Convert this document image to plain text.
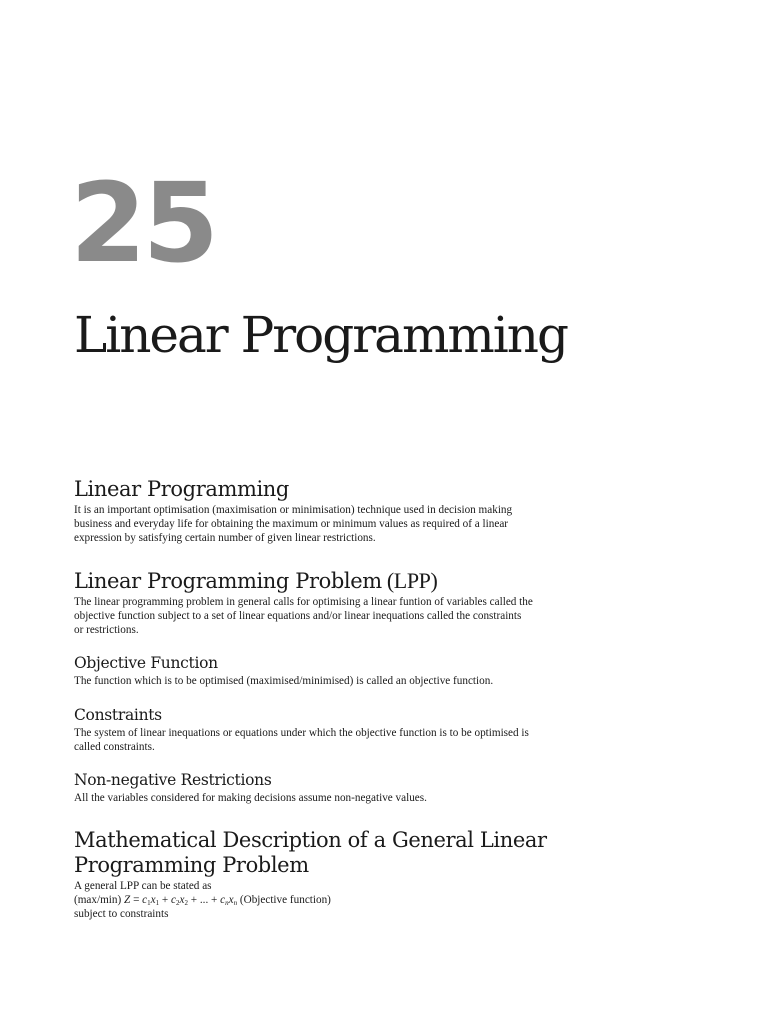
25
Linear Programming
Linear Programming

It is an important optimisation (maximisation or minimisation) technique used in decision making
business and everyday life for obtaining the maximum or minimum values as required of a linear
expression by satisfying certain number of given linear restrictions.

Linear Programming Problem (LPP)

The linear programming problem in general calls for optimising a linear funtion of variables called the
objective function subject to a set of linear equations and/or linear inequations called the constraints
or restrictions.

Objective Function

The function which is to be optimised (maximised/minimised) is called an objective function.

Constraints

The system of linear inequations or equations under which the objective function is to be optimised is
called constraints.

Non-negative Restrictions

All the variables considered for making decisions assume non-negative values.

Mathematical Description of a General Linear
Programming Problem

A general LPP can be stated as
(max/min) $Z = c_1x_1 + c_2x_2$ + ... + $c_nx_n$ (Objective function)
subject to constraints
